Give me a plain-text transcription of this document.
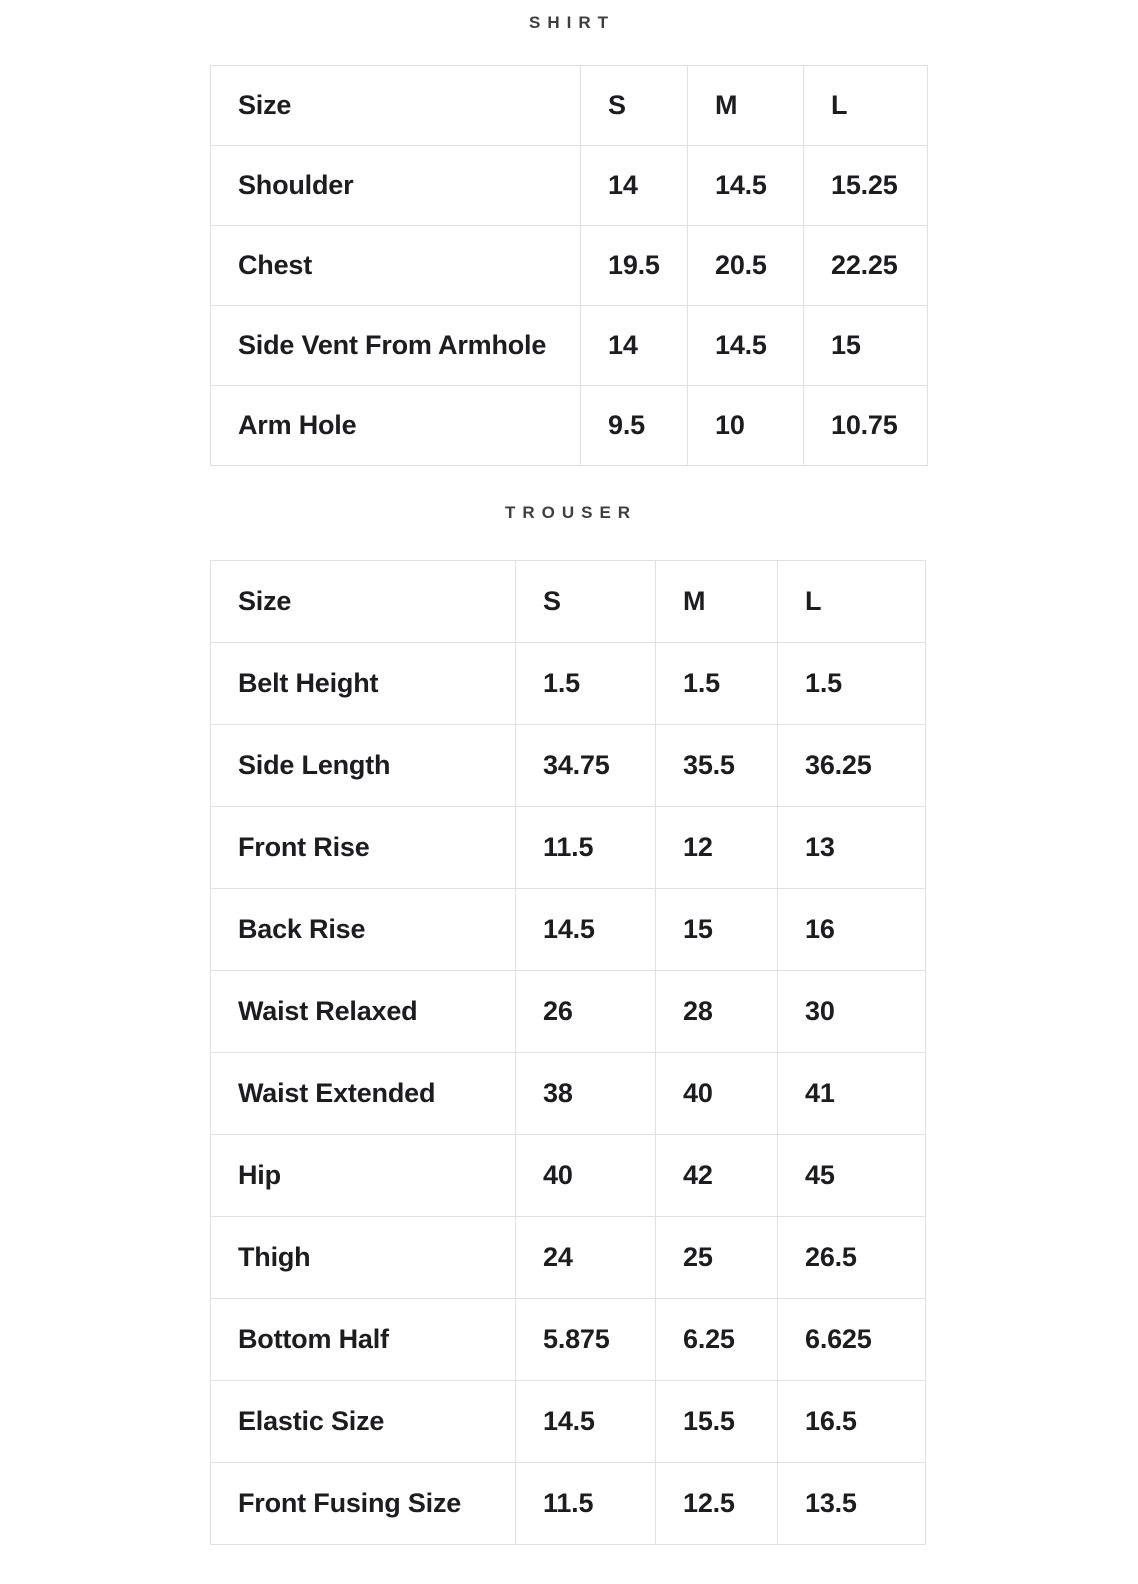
SHIRT
Size	S	M	L
Shoulder	14	14.5	15.25
Chest	19.5	20.5	22.25
Side Vent From Armhole	14	14.5	15
Arm Hole	9.5	10	10.75
TROUSER
Size	S	M	L
Belt Height	1.5	1.5	1.5
Side Length	34.75	35.5	36.25
Front Rise	11.5	12	13
Back Rise	14.5	15	16
Waist Relaxed	26	28	30
Waist Extended	38	40	41
Hip	40	42	45
Thigh	24	25	26.5
Bottom Half	5.875	6.25	6.625
Elastic Size	14.5	15.5	16.5
Front Fusing Size	11.5	12.5	13.5
